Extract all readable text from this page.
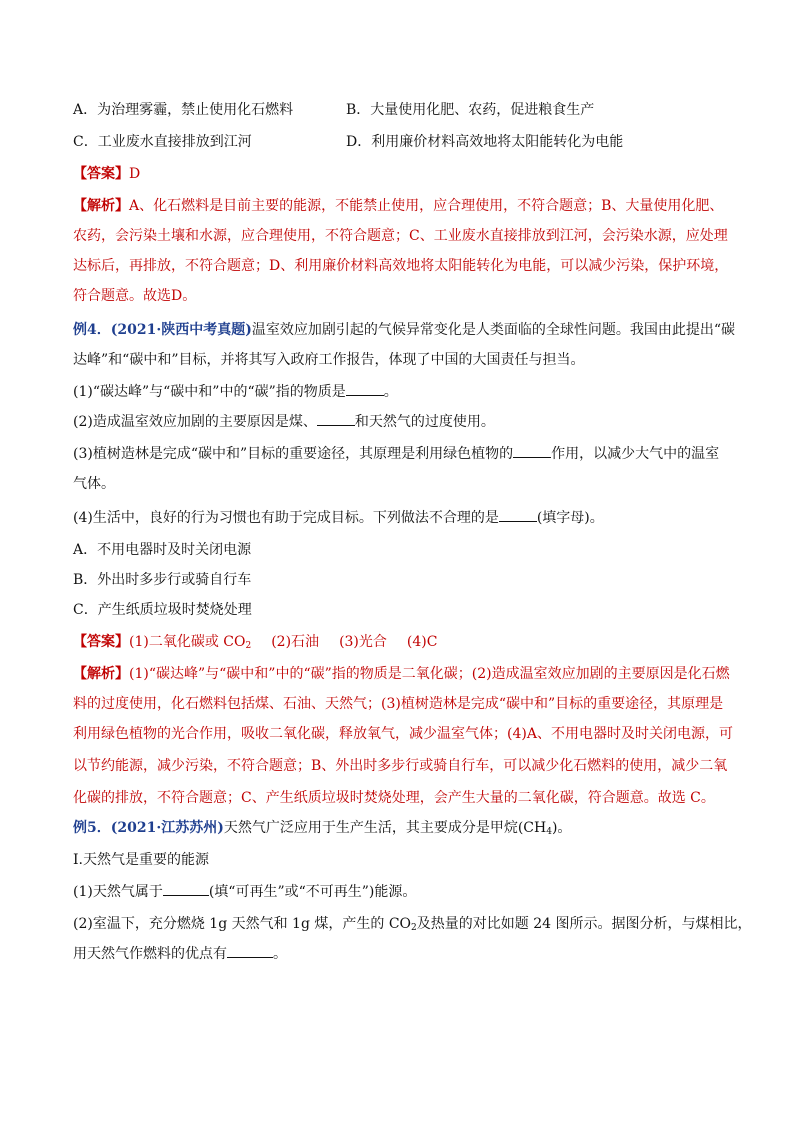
A．为治理雾霾，禁止使用化石燃料	B．大量使用化肥、农药，促进粮食生产
C．工业废水直接排放到江河	D．利用廉价材料高效地将太阳能转化为电能
【答案】D
【解析】A、化石燃料是目前主要的能源，不能禁止使用，应合理使用，不符合题意；B、大量使用化肥、
农药，会污染土壤和水源，应合理使用，不符合题意；C、工业废水直接排放到江河，会污染水源，应处理
达标后，再排放，不符合题意；D、利用廉价材料高效地将太阳能转化为电能，可以减少污染，保护环境，
符合题意。故选D。
例4．(2021·陕西中考真题)温室效应加剧引起的气候异常变化是人类面临的全球性问题。我国由此提出“碳
达峰”和“碳中和”目标，并将其写入政府工作报告，体现了中国的大国责任与担当。
(1)“碳达峰”与“碳中和”中的“碳”指的物质是	。
(2)造成温室效应加剧的主要原因是煤、	和天然气的过度使用。
(3)植树造林是完成“碳中和”目标的重要途径，其原理是利用绿色植物的	作用，以减少大气中的温室
气体。
(4)生活中，良好的行为习惯也有助于完成目标。下列做法不合理的是	(填字母)。
A．不用电器时及时关闭电源
B．外出时多步行或骑自行车
C．产生纸质垃圾时焚烧处理
【答案】(1)二氧化碳或 $CO_2$ (2)石油 (3)光合 (4)C
【解析】(1)“碳达峰”与“碳中和”中的“碳”指的物质是二氧化碳；(2)造成温室效应加剧的主要原因是化石燃
料的过度使用，化石燃料包括煤、石油、天然气；(3)植树造林是完成“碳中和”目标的重要途径，其原理是
利用绿色植物的光合作用，吸收二氧化碳，释放氧气，减少温室气体；(4)A、不用电器时及时关闭电源，可
以节约能源，减少污染，不符合题意；B、外出时多步行或骑自行车，可以减少化石燃料的使用，减少二氧
化碳的排放，不符合题意；C、产生纸质垃圾时焚烧处理，会产生大量的二氧化碳，符合题意。故选 C。
例5．(2021·江苏苏州)天然气广泛应用于生产生活，其主要成分是甲烷$(CH_4)$。
Ⅰ.天然气是重要的能源
(1)天然气属于	(填“可再生”或“不可再生”)能源。
(2)室温下，充分燃烧 1g 天然气和 1g 煤，产生的 $CO_2$及热量的对比如题 24 图所示。据图分析，与煤相比，
用天然气作燃料的优点有	。
